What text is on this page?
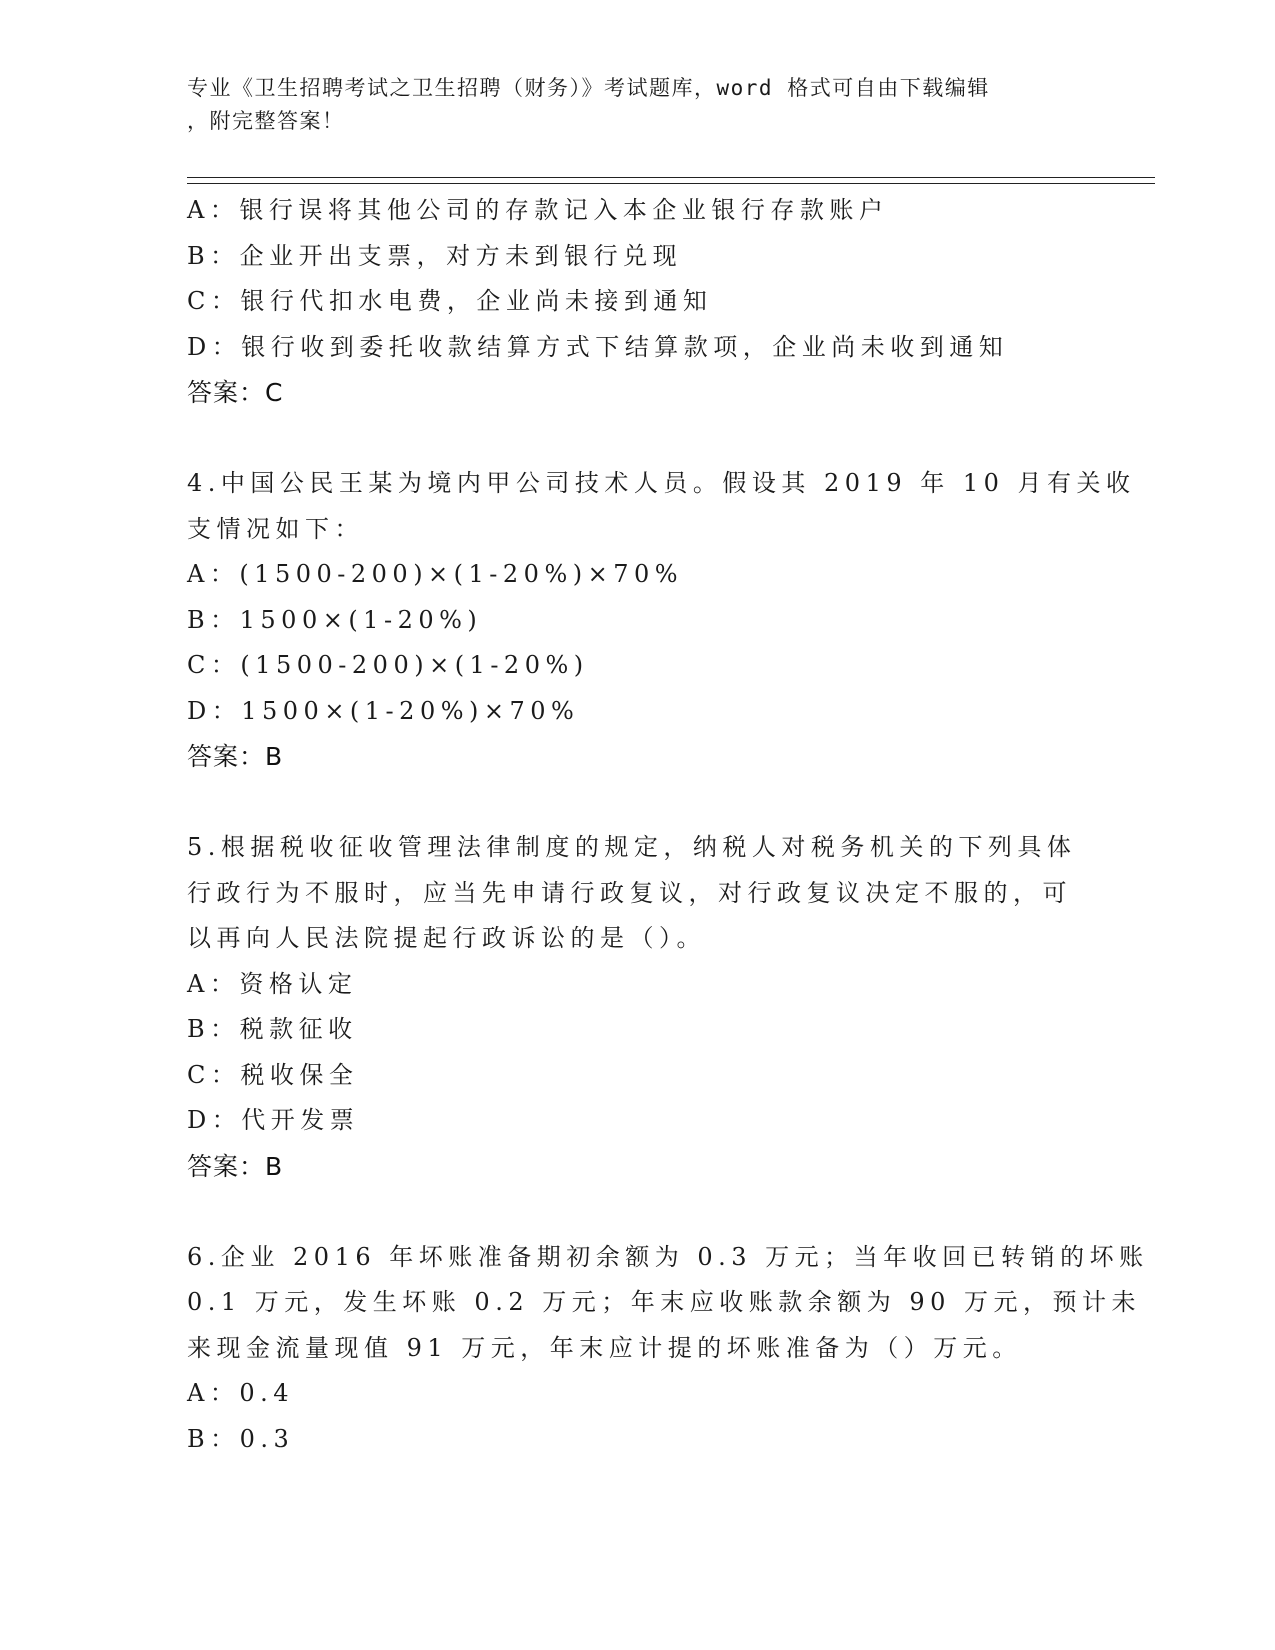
专业《卫生招聘考试之卫生招聘（财务）》考试题库，word 格式可自由下载编辑
，附完整答案！
A：银行误将其他公司的存款记入本企业银行存款账户
B：企业开出支票，对方未到银行兑现
C：银行代扣水电费，企业尚未接到通知
D：银行收到委托收款结算方式下结算款项，企业尚未收到通知
答案：C
4.中国公民王某为境内甲公司技术人员。假设其 2019 年 10 月有关收
支情况如下：
A：(1500-200)×(1-20%)×70%
B：1500×(1-20%)
C：(1500-200)×(1-20%)
D：1500×(1-20%)×70%
答案：B
5.根据税收征收管理法律制度的规定，纳税人对税务机关的下列具体
行政行为不服时，应当先申请行政复议，对行政复议决定不服的，可
以再向人民法院提起行政诉讼的是（）。
A：资格认定
B：税款征收
C：税收保全
D：代开发票
答案：B
6.企业 2016 年坏账准备期初余额为 0.3 万元；当年收回已转销的坏账
0.1 万元，发生坏账 0.2 万元；年末应收账款余额为 90 万元，预计未
来现金流量现值 91 万元，年末应计提的坏账准备为（）万元。
A：0.4
B：0.3
